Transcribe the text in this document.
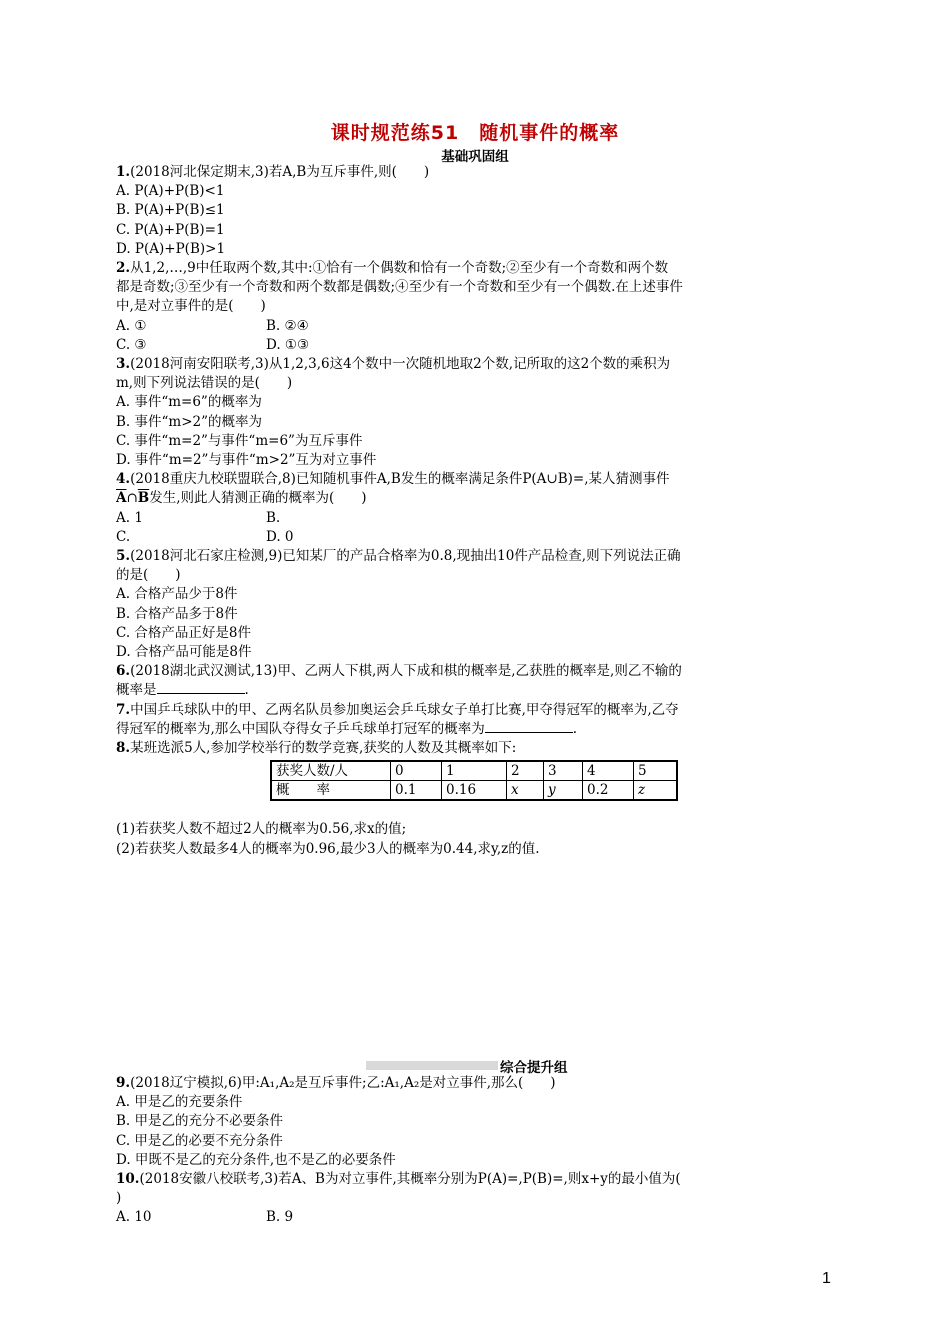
课时规范练51　随机事件的概率
基础巩固组
1.(2018河北保定期末,3)若A,B为互斥事件,则(　　)
A. P(A)+P(B)<1
B. P(A)+P(B)≤1
C. P(A)+P(B)=1
D. P(A)+P(B)>1
2.从1,2,…,9中任取两个数,其中:①恰有一个偶数和恰有一个奇数;②至少有一个奇数和两个数
都是奇数;③至少有一个奇数和两个数都是偶数;④至少有一个奇数和至少有一个偶数.在上述事件
中,是对立事件的是(　　)
A. ①	B. ②④
C. ③	D. ①③
3.(2018河南安阳联考,3)从1,2,3,6这4个数中一次随机地取2个数,记所取的这2个数的乘积为
m,则下列说法错误的是(　　)
A. 事件“m=6”的概率为
B. 事件“m>2”的概率为
C. 事件“m=2”与事件“m=6”为互斥事件
D. 事件“m=2”与事件“m>2”互为对立事件
4.(2018重庆九校联盟联合,8)已知随机事件A,B发生的概率满足条件P(A∪B)=,某人猜测事件
$\overline{A}\cap\overline{B}$发生,则此人猜测正确的概率为(　　)
A. 1	B.
C.	D. 0
5.(2018河北石家庄检测,9)已知某厂的产品合格率为0.8,现抽出10件产品检查,则下列说法正确
的是(　　)
A. 合格产品少于8件
B. 合格产品多于8件
C. 合格产品正好是8件
D. 合格产品可能是8件
6.(2018湖北武汉测试,13)甲、乙两人下棋,两人下成和棋的概率是,乙获胜的概率是,则乙不输的
概率是	.
7.中国乒乓球队中的甲、乙两名队员参加奥运会乒乓球女子单打比赛,甲夺得冠军的概率为,乙夺
得冠军的概率为,那么中国队夺得女子乒乓球单打冠军的概率为	.
8.某班选派5人,参加学校举行的数学竞赛,获奖的人数及其概率如下:
获奖人数/人	0	1	2	3	4	5
概　　率	0.1	0.16	x	y	0.2	z
(1)若获奖人数不超过2人的概率为0.56,求x的值;
(2)若获奖人数最多4人的概率为0.96,最少3人的概率为0.44,求y,z的值.
综合提升组
9.(2018辽宁模拟,6)甲:A₁,A₂是互斥事件;乙:A₁,A₂是对立事件,那么(　　)
A. 甲是乙的充要条件
B. 甲是乙的充分不必要条件
C. 甲是乙的必要不充分条件
D. 甲既不是乙的充分条件,也不是乙的必要条件
10.(2018安徽八校联考,3)若A、B为对立事件,其概率分别为P(A)=,P(B)=,则x+y的最小值为(
)
A. 10	B. 9
1
